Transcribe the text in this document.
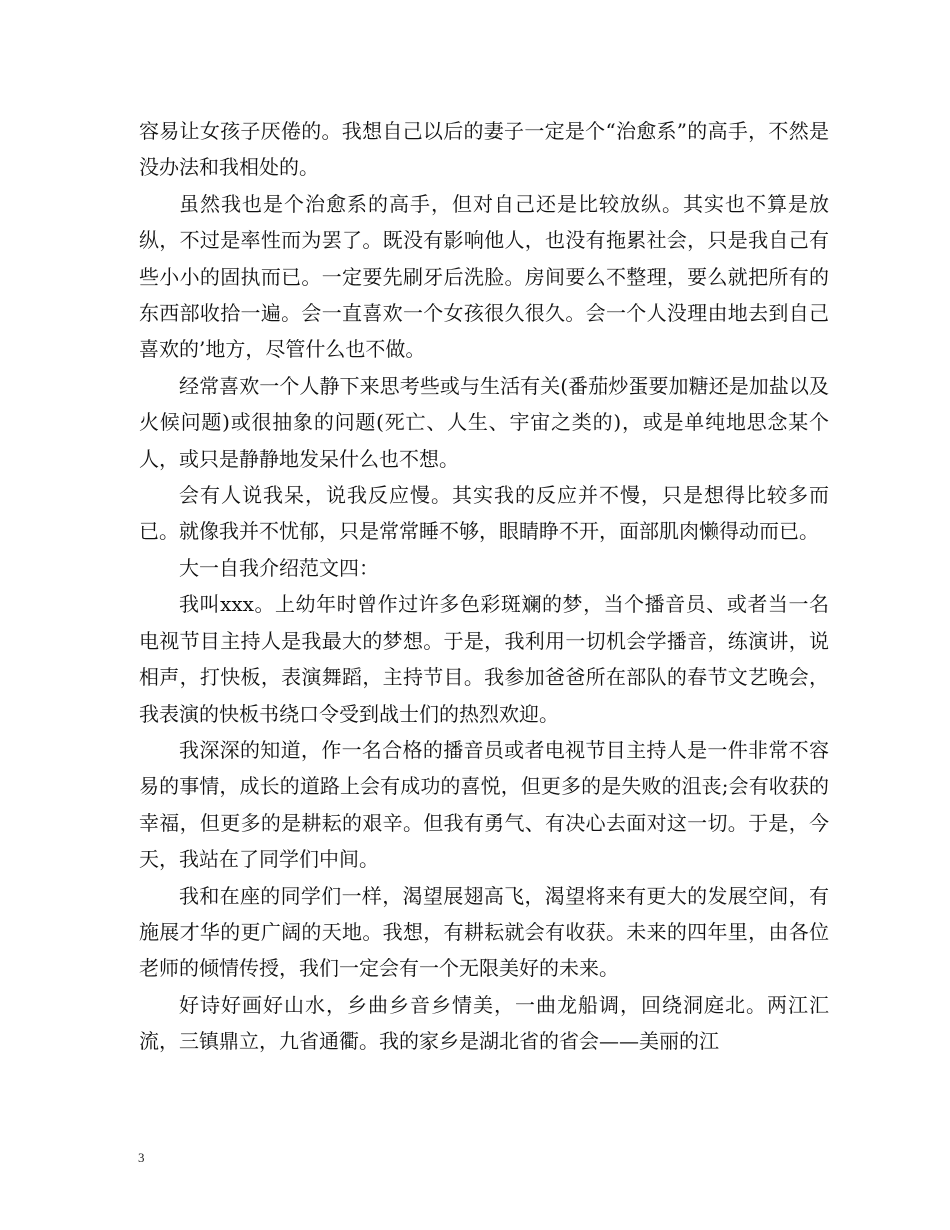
容易让女孩子厌倦的。我想自己以后的妻子一定是个“治愈系”的高手，不然是没办法和我相处的。

虽然我也是个治愈系的高手，但对自己还是比较放纵。其实也不算是放纵，不过是率性而为罢了。既没有影响他人，也没有拖累社会，只是我自己有些小小的固执而已。一定要先刷牙后洗脸。房间要么不整理，要么就把所有的东西部收拾一遍。会一直喜欢一个女孩很久很久。会一个人没理由地去到自己喜欢的’地方，尽管什么也不做。

经常喜欢一个人静下来思考些或与生活有关(番茄炒蛋要加糖还是加盐以及火候问题)或很抽象的问题(死亡、人生、宇宙之类的)，或是单纯地思念某个人，或只是静静地发呆什么也不想。

会有人说我呆，说我反应慢。其实我的反应并不慢，只是想得比较多而已。就像我并不忧郁，只是常常睡不够，眼睛睁不开，面部肌肉懒得动而已。

大一自我介绍范文四：

我叫xxx。上幼年时曾作过许多色彩斑斓的梦，当个播音员、或者当一名电视节目主持人是我最大的梦想。于是，我利用一切机会学播音，练演讲，说相声，打快板，表演舞蹈，主持节目。我参加爸爸所在部队的春节文艺晚会，我表演的快板书绕口令受到战士们的热烈欢迎。

我深深的知道，作一名合格的播音员或者电视节目主持人是一件非常不容易的事情，成长的道路上会有成功的喜悦，但更多的是失败的沮丧;会有收获的幸福，但更多的是耕耘的艰辛。但我有勇气、有决心去面对这一切。于是，今天，我站在了同学们中间。

我和在座的同学们一样，渴望展翅高飞，渴望将来有更大的发展空间，有施展才华的更广阔的天地。我想，有耕耘就会有收获。未来的四年里，由各位老师的倾情传授，我们一定会有一个无限美好的未来。

好诗好画好山水，乡曲乡音乡情美，一曲龙船调，回绕洞庭北。两江汇流，三镇鼎立，九省通衢。我的家乡是湖北省的省会——美丽的江

3
